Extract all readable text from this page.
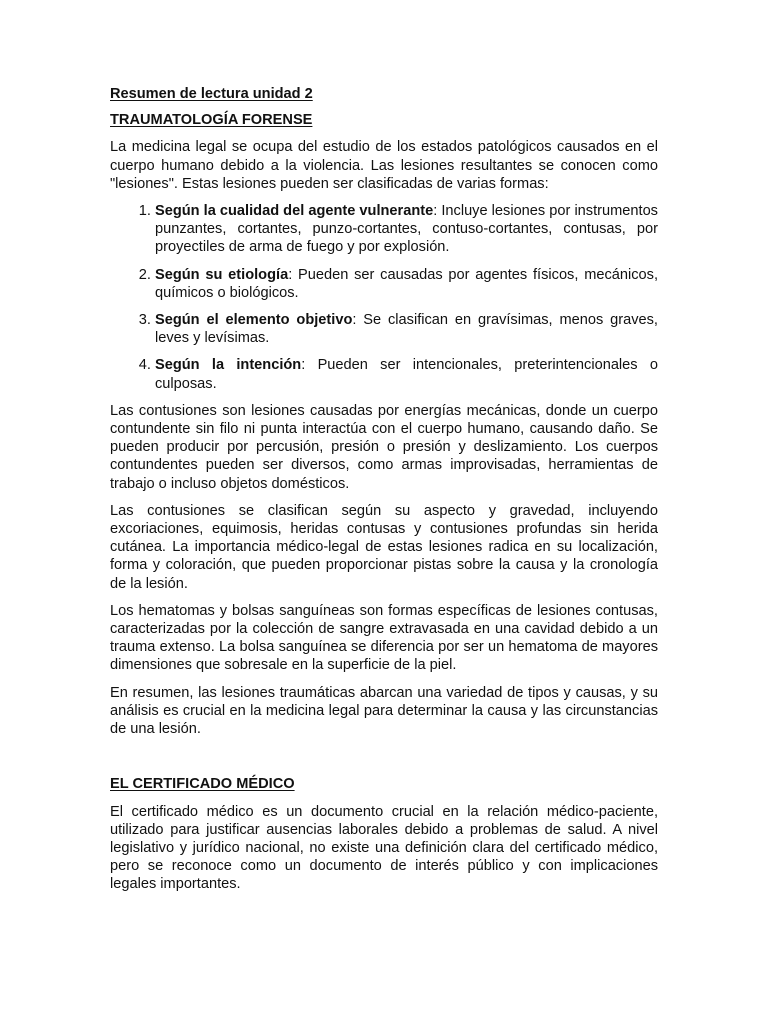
Resumen de lectura unidad 2
TRAUMATOLOGÍA FORENSE

La medicina legal se ocupa del estudio de los estados patológicos causados en el cuerpo humano debido a la violencia. Las lesiones resultantes se conocen como "lesiones". Estas lesiones pueden ser clasificadas de varias formas:

1. Según la cualidad del agente vulnerante: Incluye lesiones por instrumentos punzantes, cortantes, punzo-cortantes, contuso-cortantes, contusas, por proyectiles de arma de fuego y por explosión.
2. Según su etiología: Pueden ser causadas por agentes físicos, mecánicos, químicos o biológicos.
3. Según el elemento objetivo: Se clasifican en gravísimas, menos graves, leves y levísimas.
4. Según la intención: Pueden ser intencionales, preterintencionales o culposas.

Las contusiones son lesiones causadas por energías mecánicas, donde un cuerpo contundente sin filo ni punta interactúa con el cuerpo humano, causando daño. Se pueden producir por percusión, presión o presión y deslizamiento. Los cuerpos contundentes pueden ser diversos, como armas improvisadas, herramientas de trabajo o incluso objetos domésticos.

Las contusiones se clasifican según su aspecto y gravedad, incluyendo excoriaciones, equimosis, heridas contusas y contusiones profundas sin herida cutánea. La importancia médico-legal de estas lesiones radica en su localización, forma y coloración, que pueden proporcionar pistas sobre la causa y la cronología de la lesión.

Los hematomas y bolsas sanguíneas son formas específicas de lesiones contusas, caracterizadas por la colección de sangre extravasada en una cavidad debido a un trauma extenso. La bolsa sanguínea se diferencia por ser un hematoma de mayores dimensiones que sobresale en la superficie de la piel.

En resumen, las lesiones traumáticas abarcan una variedad de tipos y causas, y su análisis es crucial en la medicina legal para determinar la causa y las circunstancias de una lesión.

EL CERTIFICADO MÉDICO

El certificado médico es un documento crucial en la relación médico-paciente, utilizado para justificar ausencias laborales debido a problemas de salud. A nivel legislativo y jurídico nacional, no existe una definición clara del certificado médico, pero se reconoce como un documento de interés público y con implicaciones legales importantes.
